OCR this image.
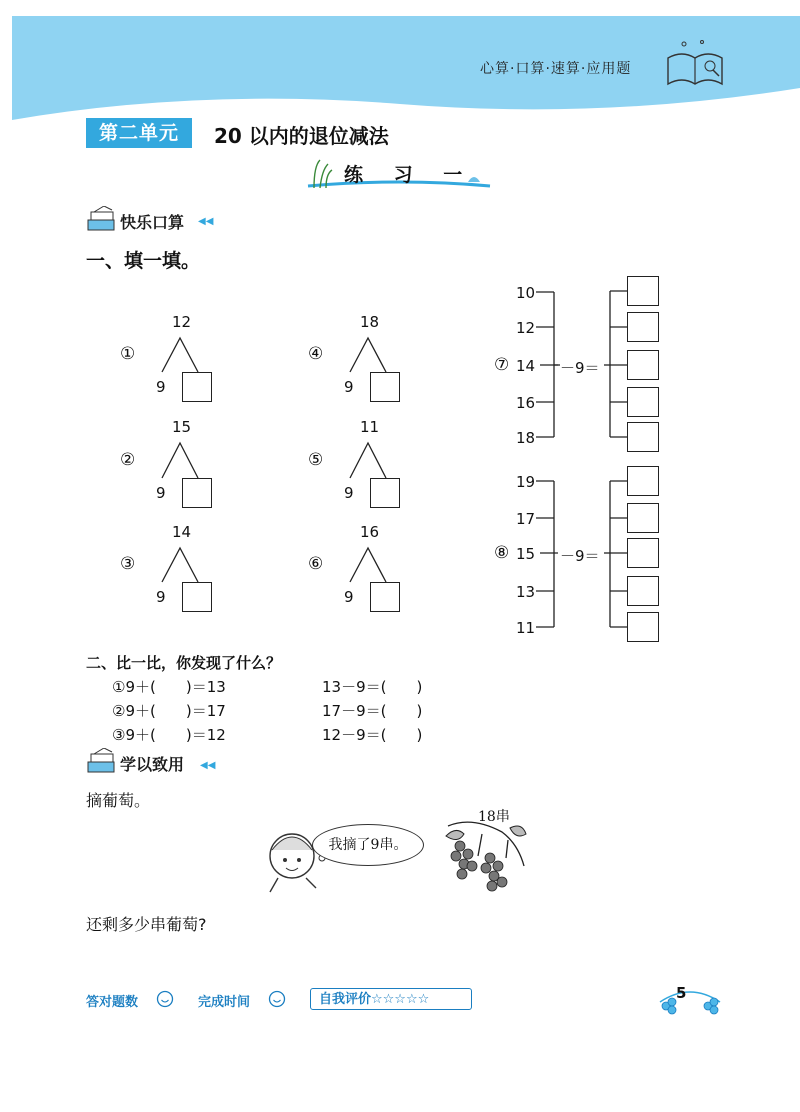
心算·口算·速算·应用题
第二单元	20 以内的退位减法
练 习 一
快乐口算 ◀◀
一、填一填。
①
12
9
②
15
9
③
14
9
④
18
9
⑤
11
9
⑥
16
9
10
12
⑦ 14
16
18
－9＝
19
17
⑧ 15
13
11
－9＝
二、比一比，你发现了什么？
①9＋(　　)＝13	13－9＝(　　)
②9＋(　　)＝17	17－9＝(　　)
③9＋(　　)＝12	12－9＝(　　)
学以致用 ◀◀
摘葡萄。
我摘了9串。
18串
还剩多少串葡萄?
答对题数	完成时间	自我评价☆☆☆☆☆	5
